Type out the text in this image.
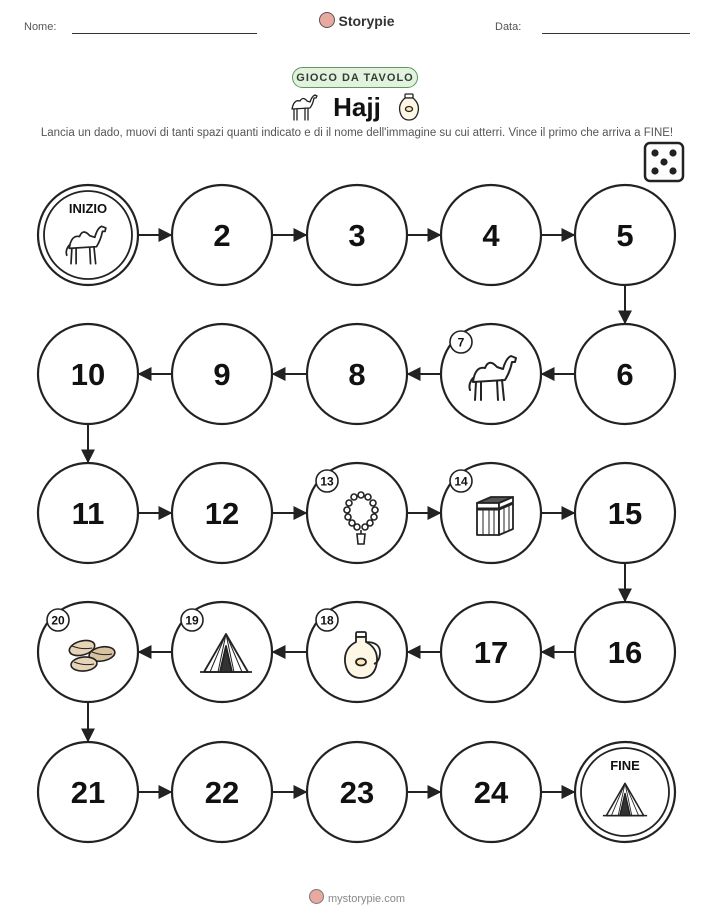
Nome:	Storypie	Data:
GIOCO DA TAVOLO
Hajj
Lancia un dado, muovi di tanti spazi quanti indicato e di il nome dell'immagine su cui atterri. Vince il primo che arriva a FINE!
INIZIO
2	3	4	5
6
7
8
9
10
11	12
13	14
15
16
17
18
19
20
21	22	23	24
FINE
mystorypie.com
